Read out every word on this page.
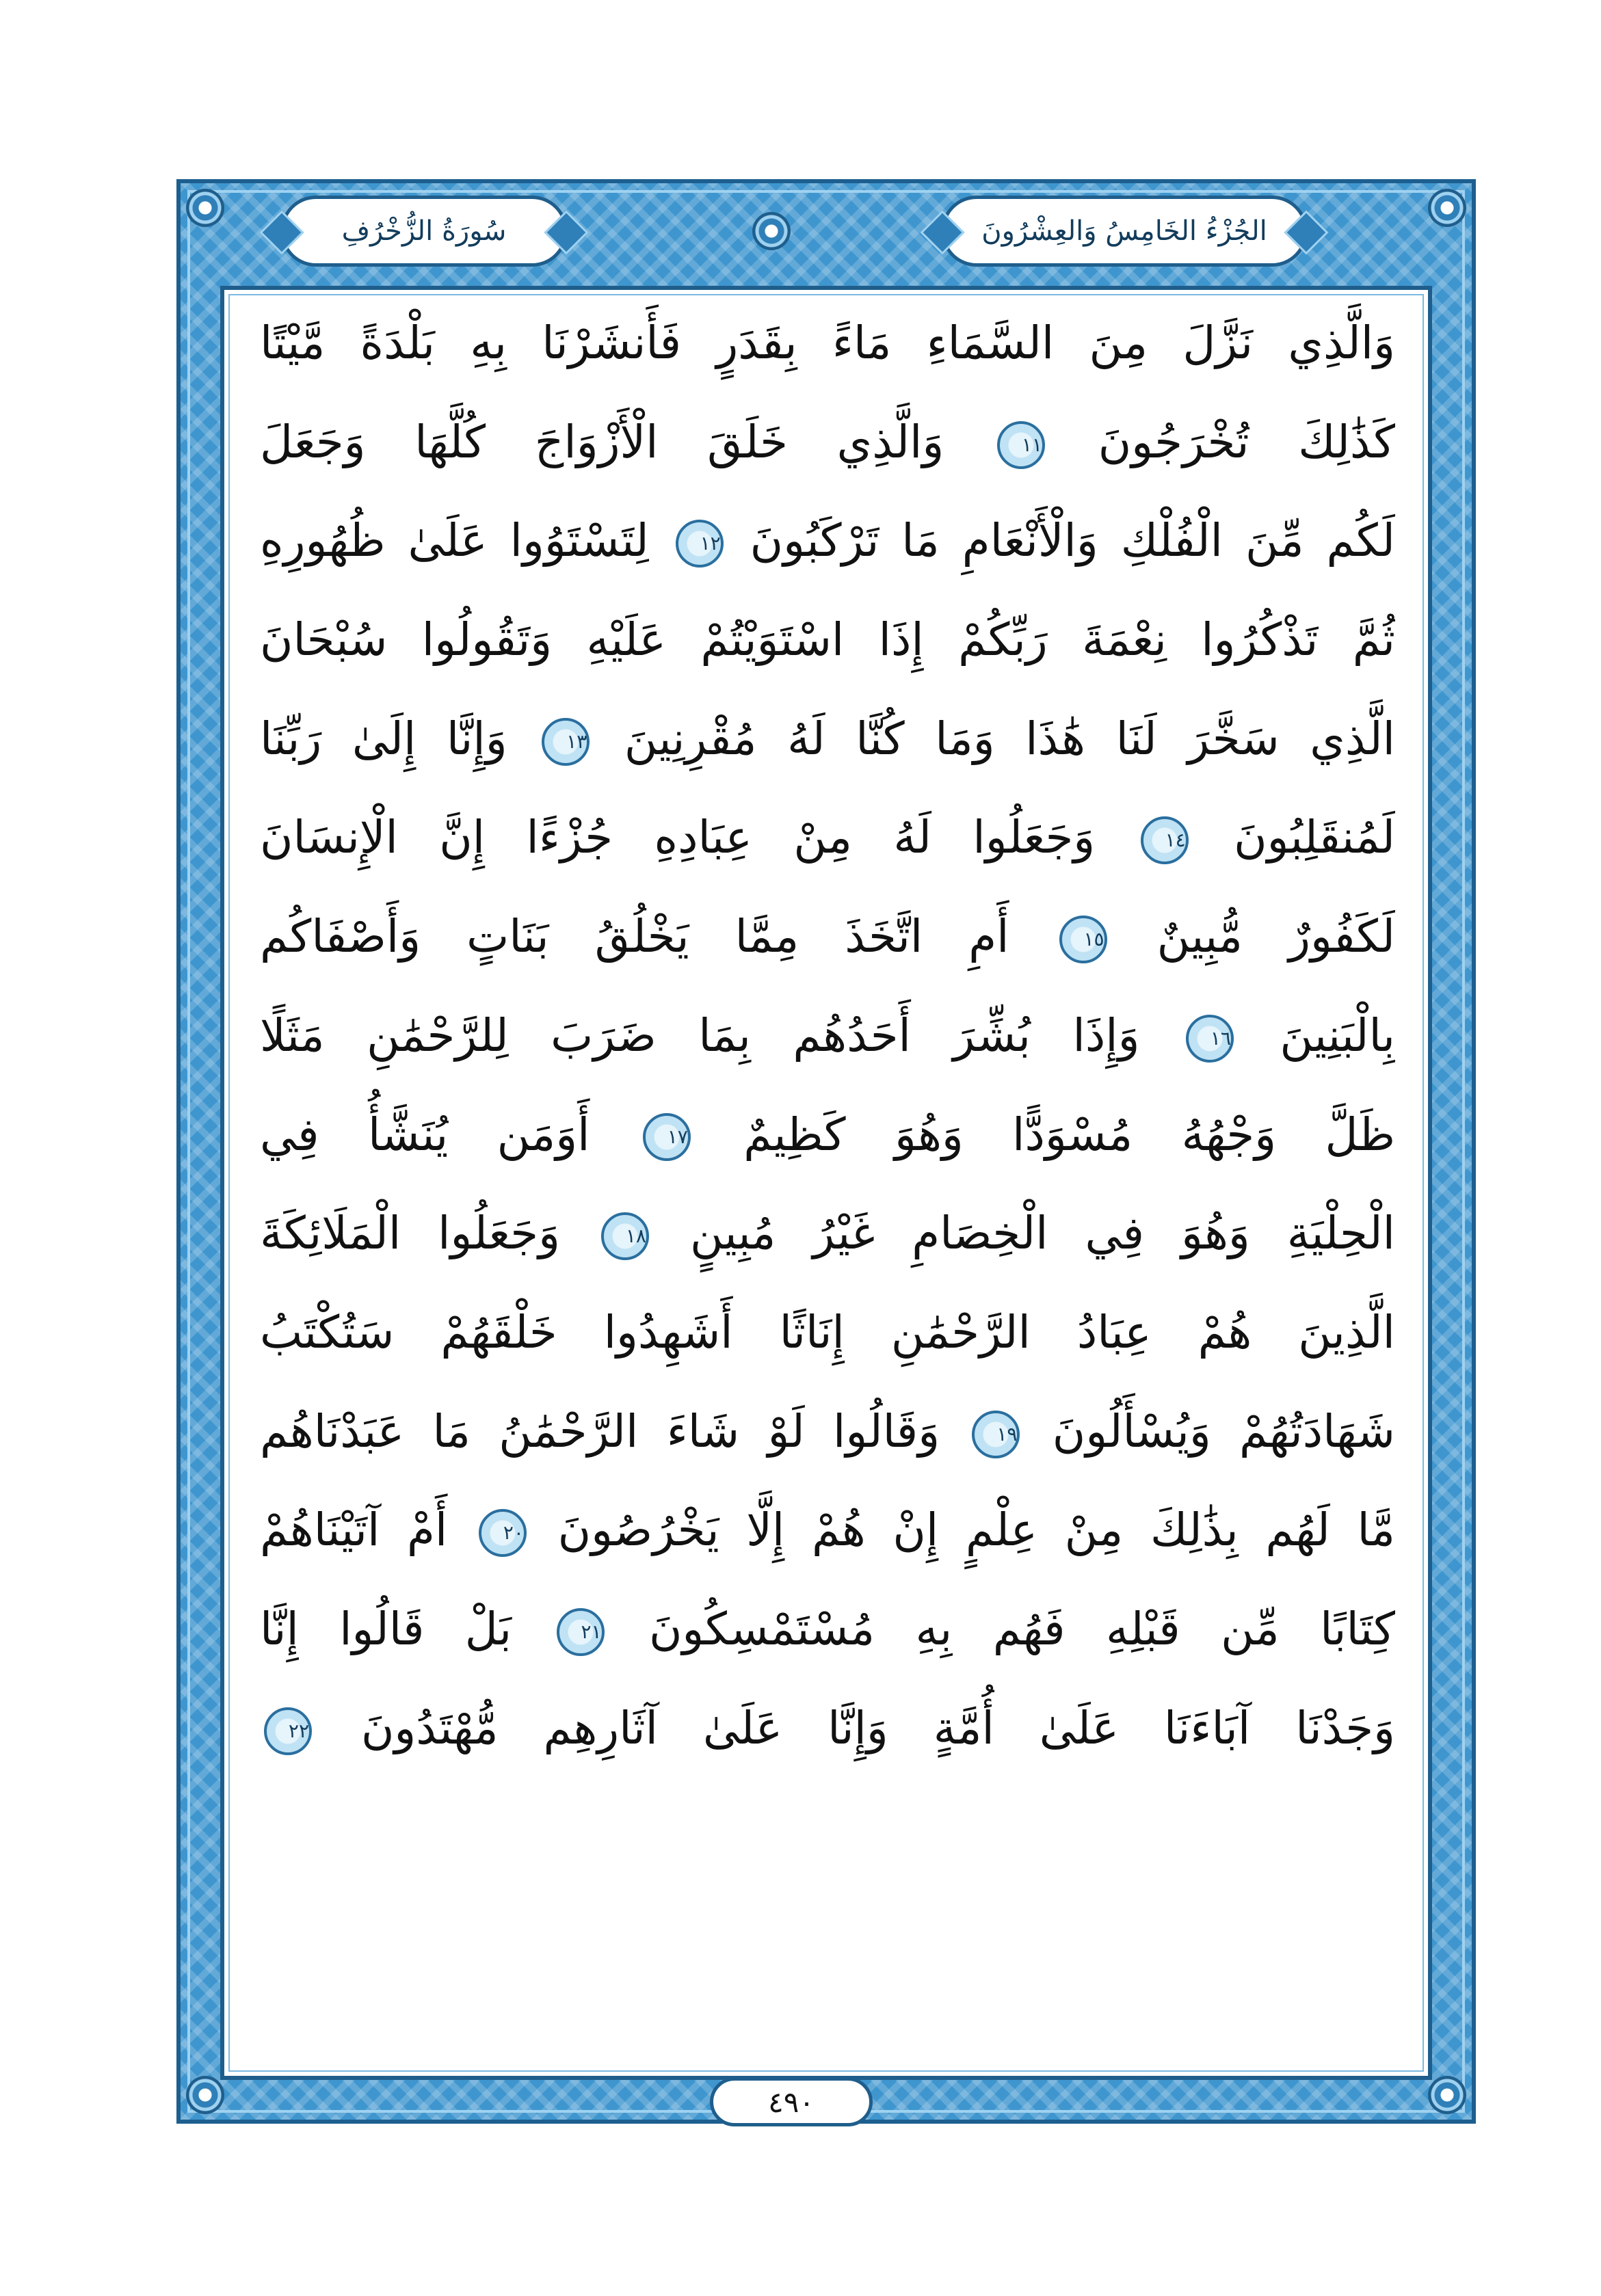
الجُزْءُ الخَامِسُ وَالعِشْرُونَ
سُورَةُ الزُّخْرُفِ
وَالَّذِي نَزَّلَ مِنَ السَّمَاءِ مَاءً بِقَدَرٍ فَأَنشَرْنَا بِهِ بَلْدَةً مَّيْتًا
كَذَٰلِكَ تُخْرَجُونَ ١١ وَالَّذِي خَلَقَ الْأَزْوَاجَ كُلَّهَا وَجَعَلَ
لَكُم مِّنَ الْفُلْكِ وَالْأَنْعَامِ مَا تَرْكَبُونَ ١٢ لِتَسْتَوُوا عَلَىٰ ظُهُورِهِ
ثُمَّ تَذْكُرُوا نِعْمَةَ رَبِّكُمْ إِذَا اسْتَوَيْتُمْ عَلَيْهِ وَتَقُولُوا سُبْحَانَ
الَّذِي سَخَّرَ لَنَا هَٰذَا وَمَا كُنَّا لَهُ مُقْرِنِينَ ١٣ وَإِنَّا إِلَىٰ رَبِّنَا
لَمُنقَلِبُونَ ١٤ وَجَعَلُوا لَهُ مِنْ عِبَادِهِ جُزْءًا إِنَّ الْإِنسَانَ
لَكَفُورٌ مُّبِينٌ ١٥ أَمِ اتَّخَذَ مِمَّا يَخْلُقُ بَنَاتٍ وَأَصْفَاكُم
بِالْبَنِينَ ١٦ وَإِذَا بُشِّرَ أَحَدُهُم بِمَا ضَرَبَ لِلرَّحْمَٰنِ مَثَلًا
ظَلَّ وَجْهُهُ مُسْوَدًّا وَهُوَ كَظِيمٌ ١٧ أَوَمَن يُنَشَّأُ فِي
الْحِلْيَةِ وَهُوَ فِي الْخِصَامِ غَيْرُ مُبِينٍ ١٨ وَجَعَلُوا الْمَلَائِكَةَ
الَّذِينَ هُمْ عِبَادُ الرَّحْمَٰنِ إِنَاثًا أَشَهِدُوا خَلْقَهُمْ سَتُكْتَبُ
شَهَادَتُهُمْ وَيُسْأَلُونَ ١٩ وَقَالُوا لَوْ شَاءَ الرَّحْمَٰنُ مَا عَبَدْنَاهُم
مَّا لَهُم بِذَٰلِكَ مِنْ عِلْمٍ إِنْ هُمْ إِلَّا يَخْرُصُونَ ٢٠ أَمْ آتَيْنَاهُمْ
كِتَابًا مِّن قَبْلِهِ فَهُم بِهِ مُسْتَمْسِكُونَ ٢١ بَلْ قَالُوا إِنَّا
وَجَدْنَا آبَاءَنَا عَلَىٰ أُمَّةٍ وَإِنَّا عَلَىٰ آثَارِهِم مُّهْتَدُونَ ٢٢
٤٩٠
